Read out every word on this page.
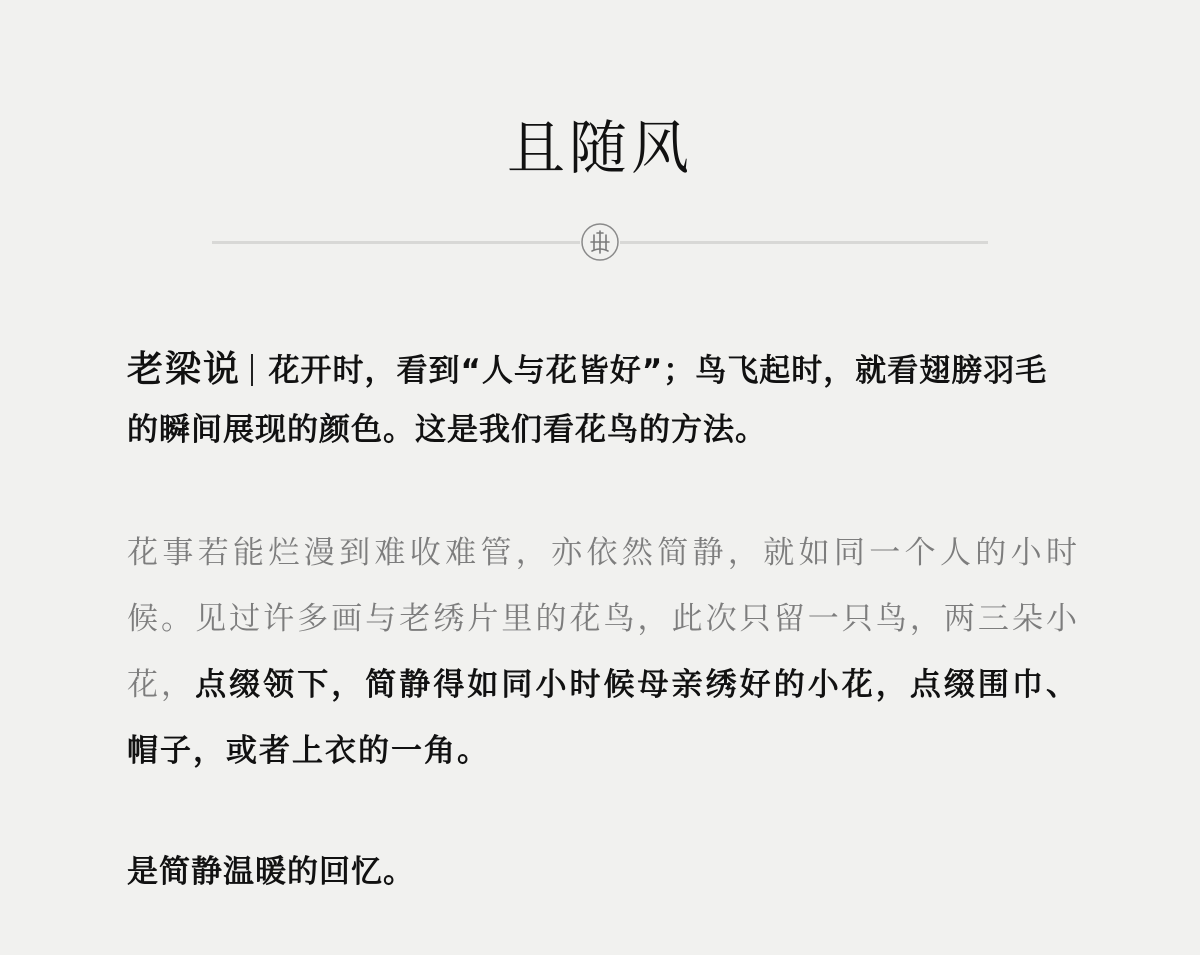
且随风

老梁说 花开时，看到“人与花皆好”；鸟飞起时，就看翅膀羽毛的瞬间展现的颜色。这是我们看花鸟的方法。

花事若能烂漫到难收难管，亦依然简静，就如同一个人的小时候。见过许多画与老绣片里的花鸟，此次只留一只鸟，两三朵小花，点缀领下，简静得如同小时候母亲绣好的小花，点缀围巾、帽子，或者上衣的一角。

是简静温暖的回忆。
